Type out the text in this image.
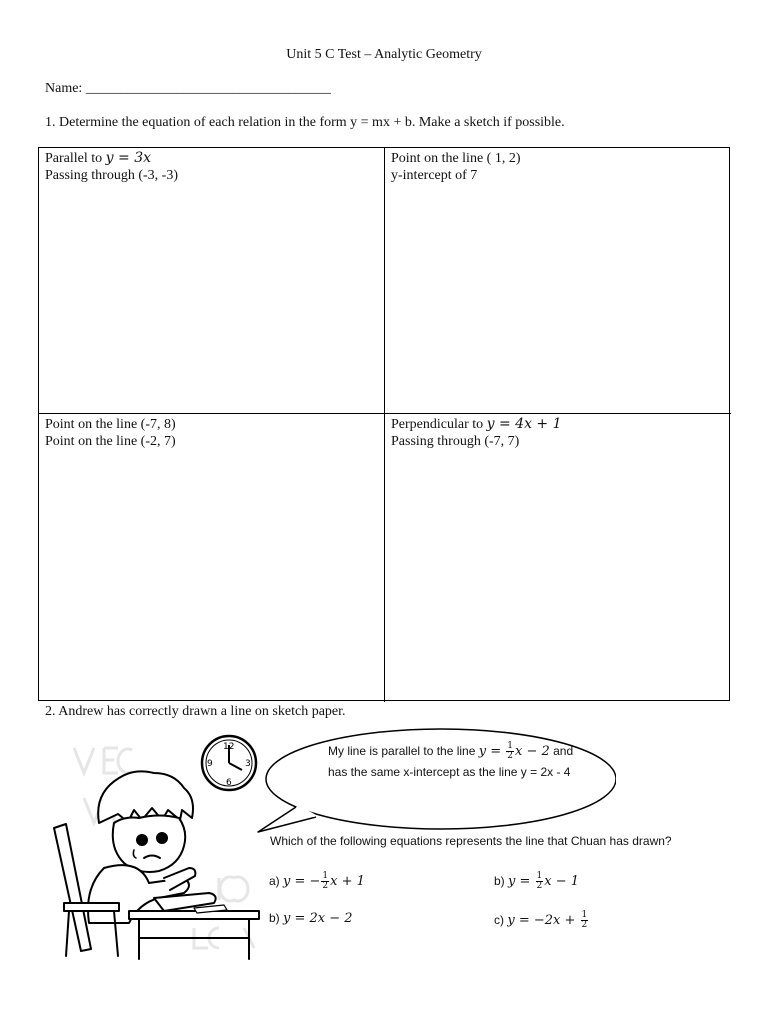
Unit 5 C Test – Analytic Geometry
Name: ___________________________________
1. Determine the equation of each relation in the form y = mx + b. Make a sketch if possible.
Parallel to y = 3x
Passing through (-3, -3)
Point on the line ( 1, 2)
y-intercept of 7
Point on the line (-7, 8)
Point on the line (-2, 7)
Perpendicular to y = 4x + 1
Passing through (-7, 7)
2. Andrew has correctly drawn a line on sketch paper.
12
3
6
9
My line is parallel to the line $y = \frac{1}{2}$ x − 2 and
has the same x-intercept as the line y = 2x - 4
Which of the following equations represents the line that Chuan has drawn?
a) y = − $\frac{1}{2}$ x + 1	b) $y = \frac{1}{2}$ x − 1
b) y = 2x − 2	c) $y = -2x + \frac{1}{2}$
